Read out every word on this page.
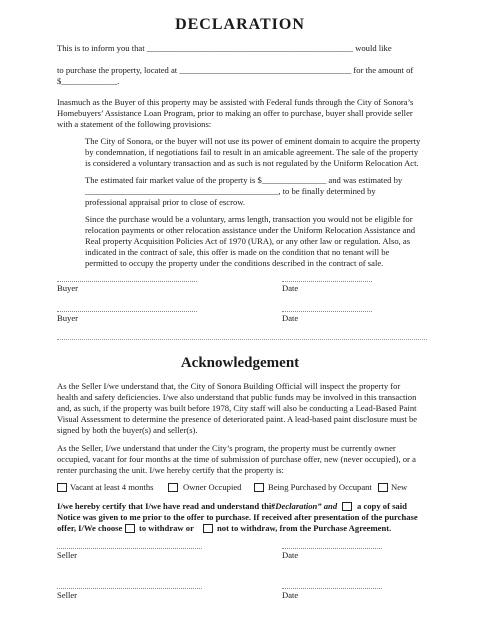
DECLARATION
This is to inform you that ________________________________________________ would like
to purchase the property, located at ________________________________________ for the amount of
$_____________.
Inasmuch as the Buyer of this property may be assisted with Federal funds through the City of Sonora’s
Homebuyers’ Assistance Loan Program, prior to making an offer to purchase, buyer shall provide seller
with a statement of the following provisions:
The City of Sonora, or the buyer will not use its power of eminent domain to acquire the property
by condemnation, if negotiations fail to result in an amicable agreement. The sale of the property
is considered a voluntary transaction and as such is not regulated by the Uniform Relocation Act.
The estimated fair market value of the property is $_______________ and was estimated by
_____________________________________________, to be finally determined by
professional appraisal prior to close of escrow.
Since the purchase would be a voluntary, arms length, transaction you would not be eligible for
relocation payments or other relocation assistance under the Uniform Relocation Assistance and
Real property Acquisition Policies Act of 1970 (URA), or any other law or regulation. Also, as
indicated in the contract of sale, this offer is made on the condition that no tenant will be
permitted to occupy the property under the conditions described in the contract of sale.
Buyer	Date
Buyer	Date
Acknowledgement
As the Seller I/we understand that, the City of Sonora Building Official will inspect the property for
health and safety deficiencies. I/we also understand that public funds may be involved in this transaction
and, as such, if the property was built before 1978, City staff will also be conducting a Lead-Based Paint
Visual Assessment to determine the presence of deteriorated paint. A lead-based paint disclosure must be
signed by both the buyer(s) and seller(s).
As the Seller, I/we understand that under the City’s program, the property must be currently owner
occupied, vacant for four months at the time of submission of purchase offer, new (never occupied), or a
renter purchasing the unit. I/we hereby certify that the property is:
Vacant at least 4 months	Owner Occupied	Being Purchased by Occupant New
I/we hereby certify that I/we have read and understand this
“Declaration” and a copy of said
Notice was given to me prior to the offer to purchase. If received after presentation of the purchase
offer, I/We choose to withdraw or	not to withdraw, from the Purchase Agreement.
Seller	Date
Seller	Date
